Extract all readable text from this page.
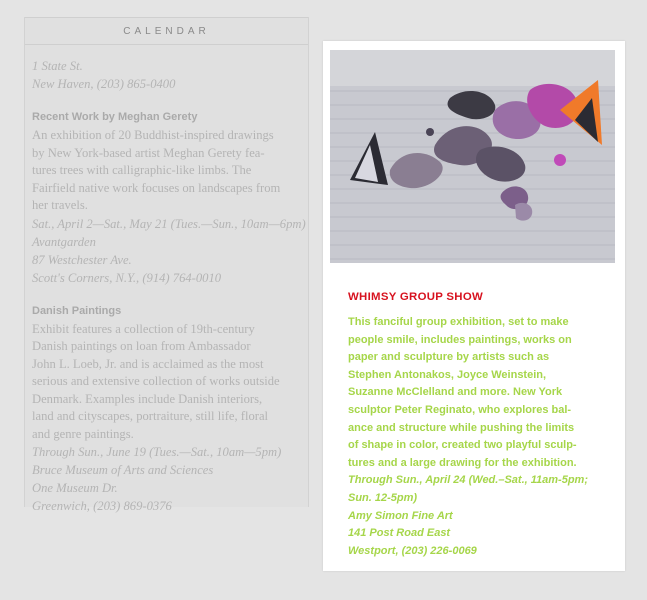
CALENDAR
1 State St.
New Haven, (203) 865-0400
Recent Work by Meghan Gerety
An exhibition of 20 Buddhist-inspired drawings
by New York-based artist Meghan Gerety fea-
tures trees with calligraphic-like limbs. The
Fairfield native work focuses on landscapes from
her travels.
Sat., April 2—Sat., May 21 (Tues.—Sun., 10am—6pm)
Avantgarden
87 Westchester Ave.
Scott's Corners, N.Y., (914) 764-0010
Danish Paintings
Exhibit features a collection of 19th-century
Danish paintings on loan from Ambassador
John L. Loeb, Jr. and is acclaimed as the most
serious and extensive collection of works outside
Denmark. Examples include Danish interiors,
land and cityscapes, portraiture, still life, floral
and genre paintings.
Through Sun., June 19 (Tues.—Sat., 10am—5pm)
Bruce Museum of Arts and Sciences
One Museum Dr.
Greenwich, (203) 869-0376
WHIMSY GROUP SHOW
This fanciful group exhibition, set to make
people smile, includes paintings, works on
paper and sculpture by artists such as
Stephen Antonakos, Joyce Weinstein,
Suzanne McClelland and more. New York
sculptor Peter Reginato, who explores bal-
ance and structure while pushing the limits
of shape in color, created two playful sculp-
tures and a large drawing for the exhibition.
Through Sun., April 24 (Wed.–Sat., 11am-5pm;
Sun. 12-5pm)
Amy Simon Fine Art
141 Post Road East
Westport, (203) 226-0069
